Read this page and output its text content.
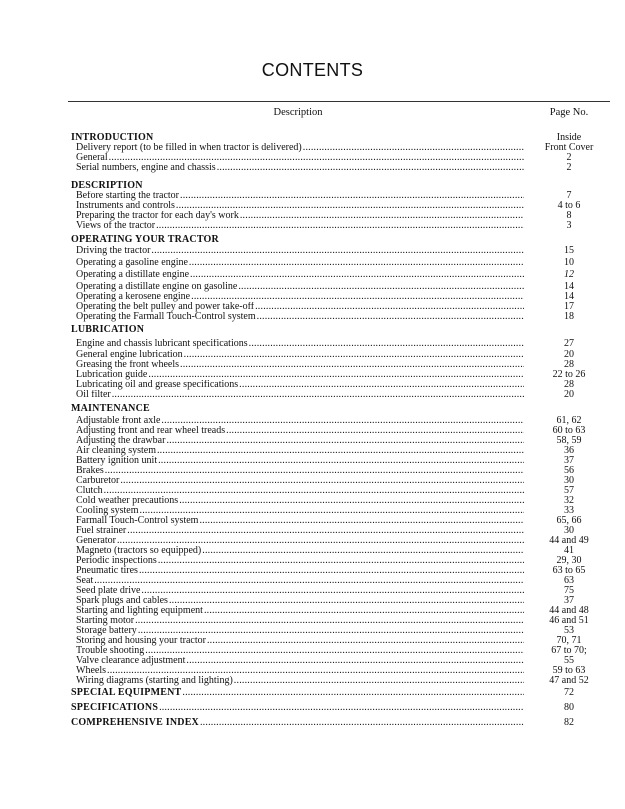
CONTENTS
Description	Page No.
INTRODUCTION	Inside
Delivery report (to be filled in when tractor is delivered) .....	Front Cover
General .....	2
Serial numbers, engine and chassis .....	2
DESCRIPTION
Before starting the tractor .....	7
Instruments and controls .....	4 to 6
Preparing the tractor for each day's work .....	8
Views of the tractor .....	3
OPERATING YOUR TRACTOR
Driving the tractor .....	15
Operating a gasoline engine .....	10
Operating a distillate engine .....	12
Operating a distillate engine on gasoline .....	14
Operating a kerosene engine .....	14
Operating the belt pulley and power take-off .....	17
Operating the Farmall Touch-Control system .....	18
LUBRICATION
Engine and chassis lubricant specifications .....	27
General engine lubrication .....	20
Greasing the front wheels .....	28
Lubrication guide .....	22 to 26
Lubricating oil and grease specifications .....	28
Oil filter .....	20
MAINTENANCE
Adjustable front axle .....	61, 62
Adjusting front and rear wheel treads .....	60 to 63
Adjusting the drawbar .....	58, 59
Air cleaning system .....	36
Battery ignition unit .....	37
Brakes .....	56
Carburetor .....	30
Clutch .....	57
Cold weather precautions .....	32
Cooling system .....	33
Farmall Touch-Control system .....	65, 66
Fuel strainer .....	30
Generator .....	44 and 49
Magneto (tractors so equipped) .....	41
Periodic inspections .....	29, 30
Pneumatic tires .....	63 to 65
Seat .....	63
Seed plate drive .....	75
Spark plugs and cables .....	37
Starting and lighting equipment .....	44 and 48
Starting motor .....	46 and 51
Storage battery .....	53
Storing and housing your tractor .....	70, 71
Trouble shooting .....	67 to 70;
Valve clearance adjustment .....	55
Wheels .....	59 to 63
Wiring diagrams (starting and lighting) .....	47 and 52
SPECIAL EQUIPMENT .....	72
SPECIFICATIONS .....	80
COMPREHENSIVE INDEX .....	82
